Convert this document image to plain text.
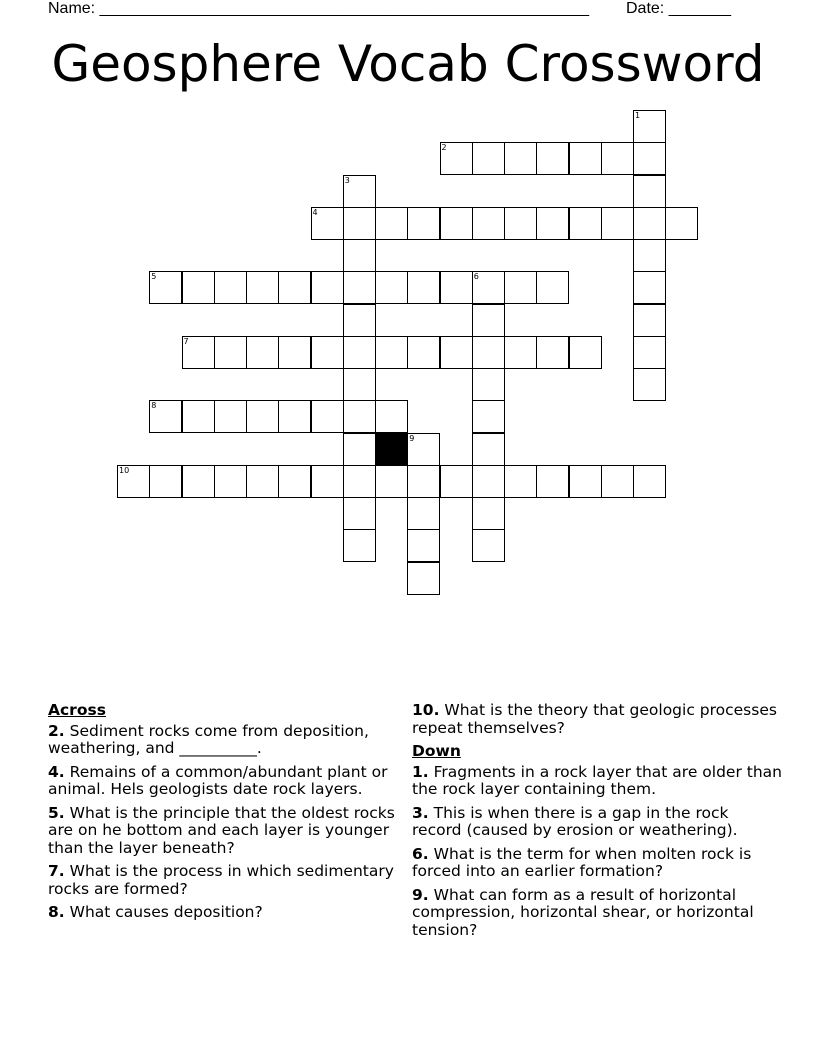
Name: _______________________________________________________ Date: _______
Geosphere Vocab Crossword
1
2
3
4
5	6
7
8
9
10
Across
2. Sediment rocks come from deposition, weathering, and __________.
4. Remains of a common/abundant plant or animal. Hels geologists date rock layers.
5. What is the principle that the oldest rocks are on he bottom and each layer is younger than the layer beneath?
7. What is the process in which sedimentary rocks are formed?
8. What causes deposition?
10. What is the theory that geologic processes repeat themselves?
Down
1. Fragments in a rock layer that are older than the rock layer containing them.
3. This is when there is a gap in the rock record (caused by erosion or weathering).
6. What is the term for when molten rock is forced into an earlier formation?
9. What can form as a result of horizontal compression, horizontal shear, or horizontal tension?
